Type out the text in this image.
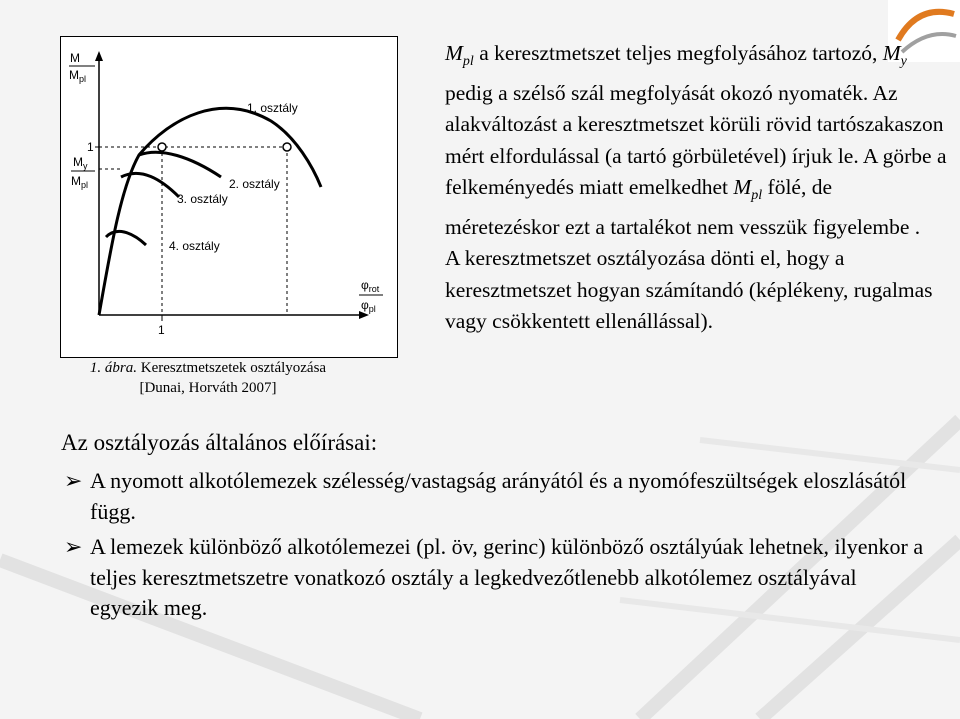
M
$M_{pl}$
1
$M_y$
$M_{pl}$
1. osztály
2. osztály
3. osztály
4. osztály
$\varphi_{rot}$
$\varphi_{pl}$
1
1. ábra. Keresztmetszetek osztályozása
[Dunai, Horváth 2007]

$M_{pl}$ a keresztmetszet teljes megfolyásához tartozó, $M_y$ pedig a szélső szál megfolyását okozó nyomaték. Az alakváltozást a keresztmetszet körüli rövid tartószakaszon mért elfordulással (a tartó görbületével) írjuk le. A görbe a felkeményedés miatt emelkedhet $M_{pl}$ fölé, de méretezéskor ezt a tartalékot nem vesszük figyelembe .

A keresztmetszet osztályozása dönti el, hogy a keresztmetszet hogyan számítandó (képlékeny, rugalmas vagy csökkentett ellenállással).

Az osztályozás általános előírásai:
➢ A nyomott alkotólemezek szélesség/vastagság arányától és a nyomófeszültségek eloszlásától függ.
➢ A lemezek különböző alkotólemezei (pl. öv, gerinc) különböző osztályúak lehetnek, ilyenkor a teljes keresztmetszetre vonatkozó osztály a legkedvezőtlenebb alkotólemez osztályával egyezik meg.
